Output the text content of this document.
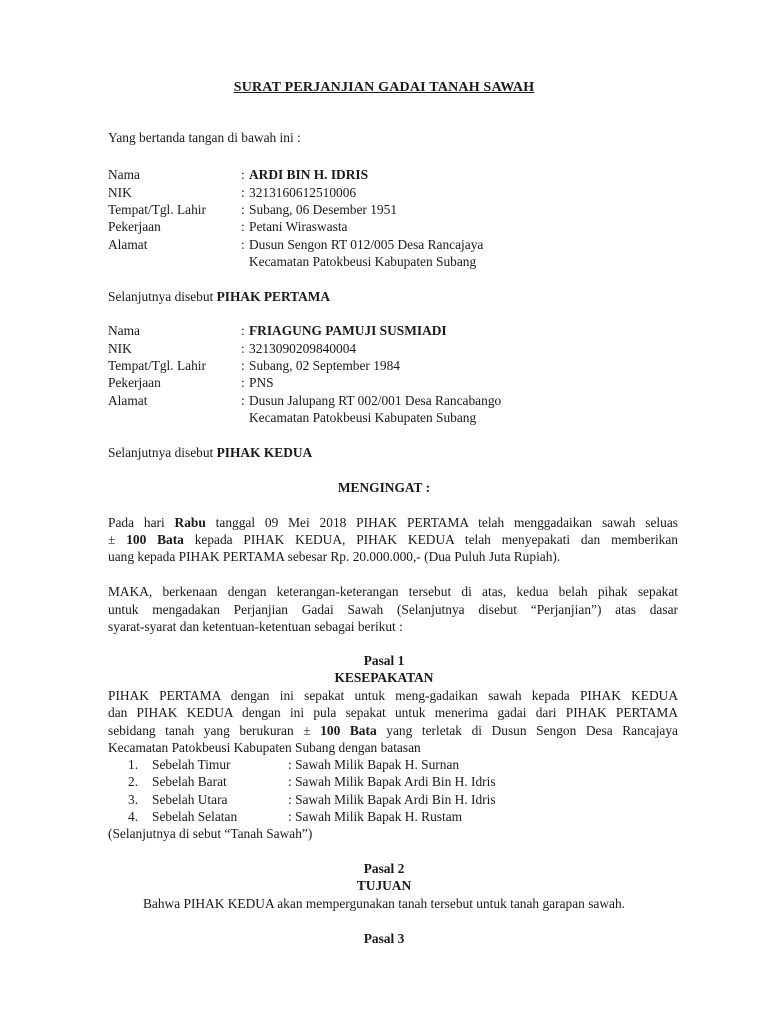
SURAT PERJANJIAN GADAI TANAH SAWAH
Yang bertanda tangan di bawah ini :
Nama	: ARDI BIN H. IDRIS
NIK	: 3213160612510006
Tempat/Tgl. Lahir	: Subang, 06 Desember 1951
Pekerjaan	: Petani Wiraswasta
Alamat	: Dusun Sengon RT 012/005 Desa Rancajaya
Kecamatan Patokbeusi Kabupaten Subang
Selanjutnya disebut PIHAK PERTAMA
Nama	: FRIAGUNG PAMUJI SUSMIADI
NIK	: 3213090209840004
Tempat/Tgl. Lahir	: Subang, 02 September 1984
Pekerjaan	: PNS
Alamat	: Dusun Jalupang RT 002/001 Desa Rancabango
Kecamatan Patokbeusi Kabupaten Subang
Selanjutnya disebut PIHAK KEDUA
MENGINGAT :
Pada hari Rabu tanggal 09 Mei 2018 PIHAK PERTAMA telah menggadaikan sawah seluas
± 100 Bata kepada PIHAK KEDUA, PIHAK KEDUA telah menyepakati dan memberikan
uang kepada PIHAK PERTAMA sebesar Rp. 20.000.000,- (Dua Puluh Juta Rupiah).
MAKA, berkenaan dengan keterangan-keterangan tersebut di atas, kedua belah pihak sepakat
untuk mengadakan Perjanjian Gadai Sawah (Selanjutnya disebut “Perjanjian”) atas dasar
syarat-syarat dan ketentuan-ketentuan sebagai berikut :
Pasal 1
KESEPAKATAN
PIHAK PERTAMA dengan ini sepakat untuk meng-gadaikan sawah kepada PIHAK KEDUA
dan PIHAK KEDUA dengan ini pula sepakat untuk menerima gadai dari PIHAK PERTAMA
sebidang tanah yang berukuran ± 100 Bata yang terletak di Dusun Sengon Desa Rancajaya
Kecamatan Patokbeusi Kabupaten Subang dengan batasan
1. Sebelah Timur	: Sawah Milik Bapak H. Surnan
2. Sebelah Barat	: Sawah Milik Bapak Ardi Bin H. Idris
3. Sebelah Utara	: Sawah Milik Bapak Ardi Bin H. Idris
4. Sebelah Selatan	: Sawah Milik Bapak H. Rustam
(Selanjutnya di sebut “Tanah Sawah”)
Pasal 2
TUJUAN
Bahwa PIHAK KEDUA akan mempergunakan tanah tersebut untuk tanah garapan sawah.
Pasal 3
